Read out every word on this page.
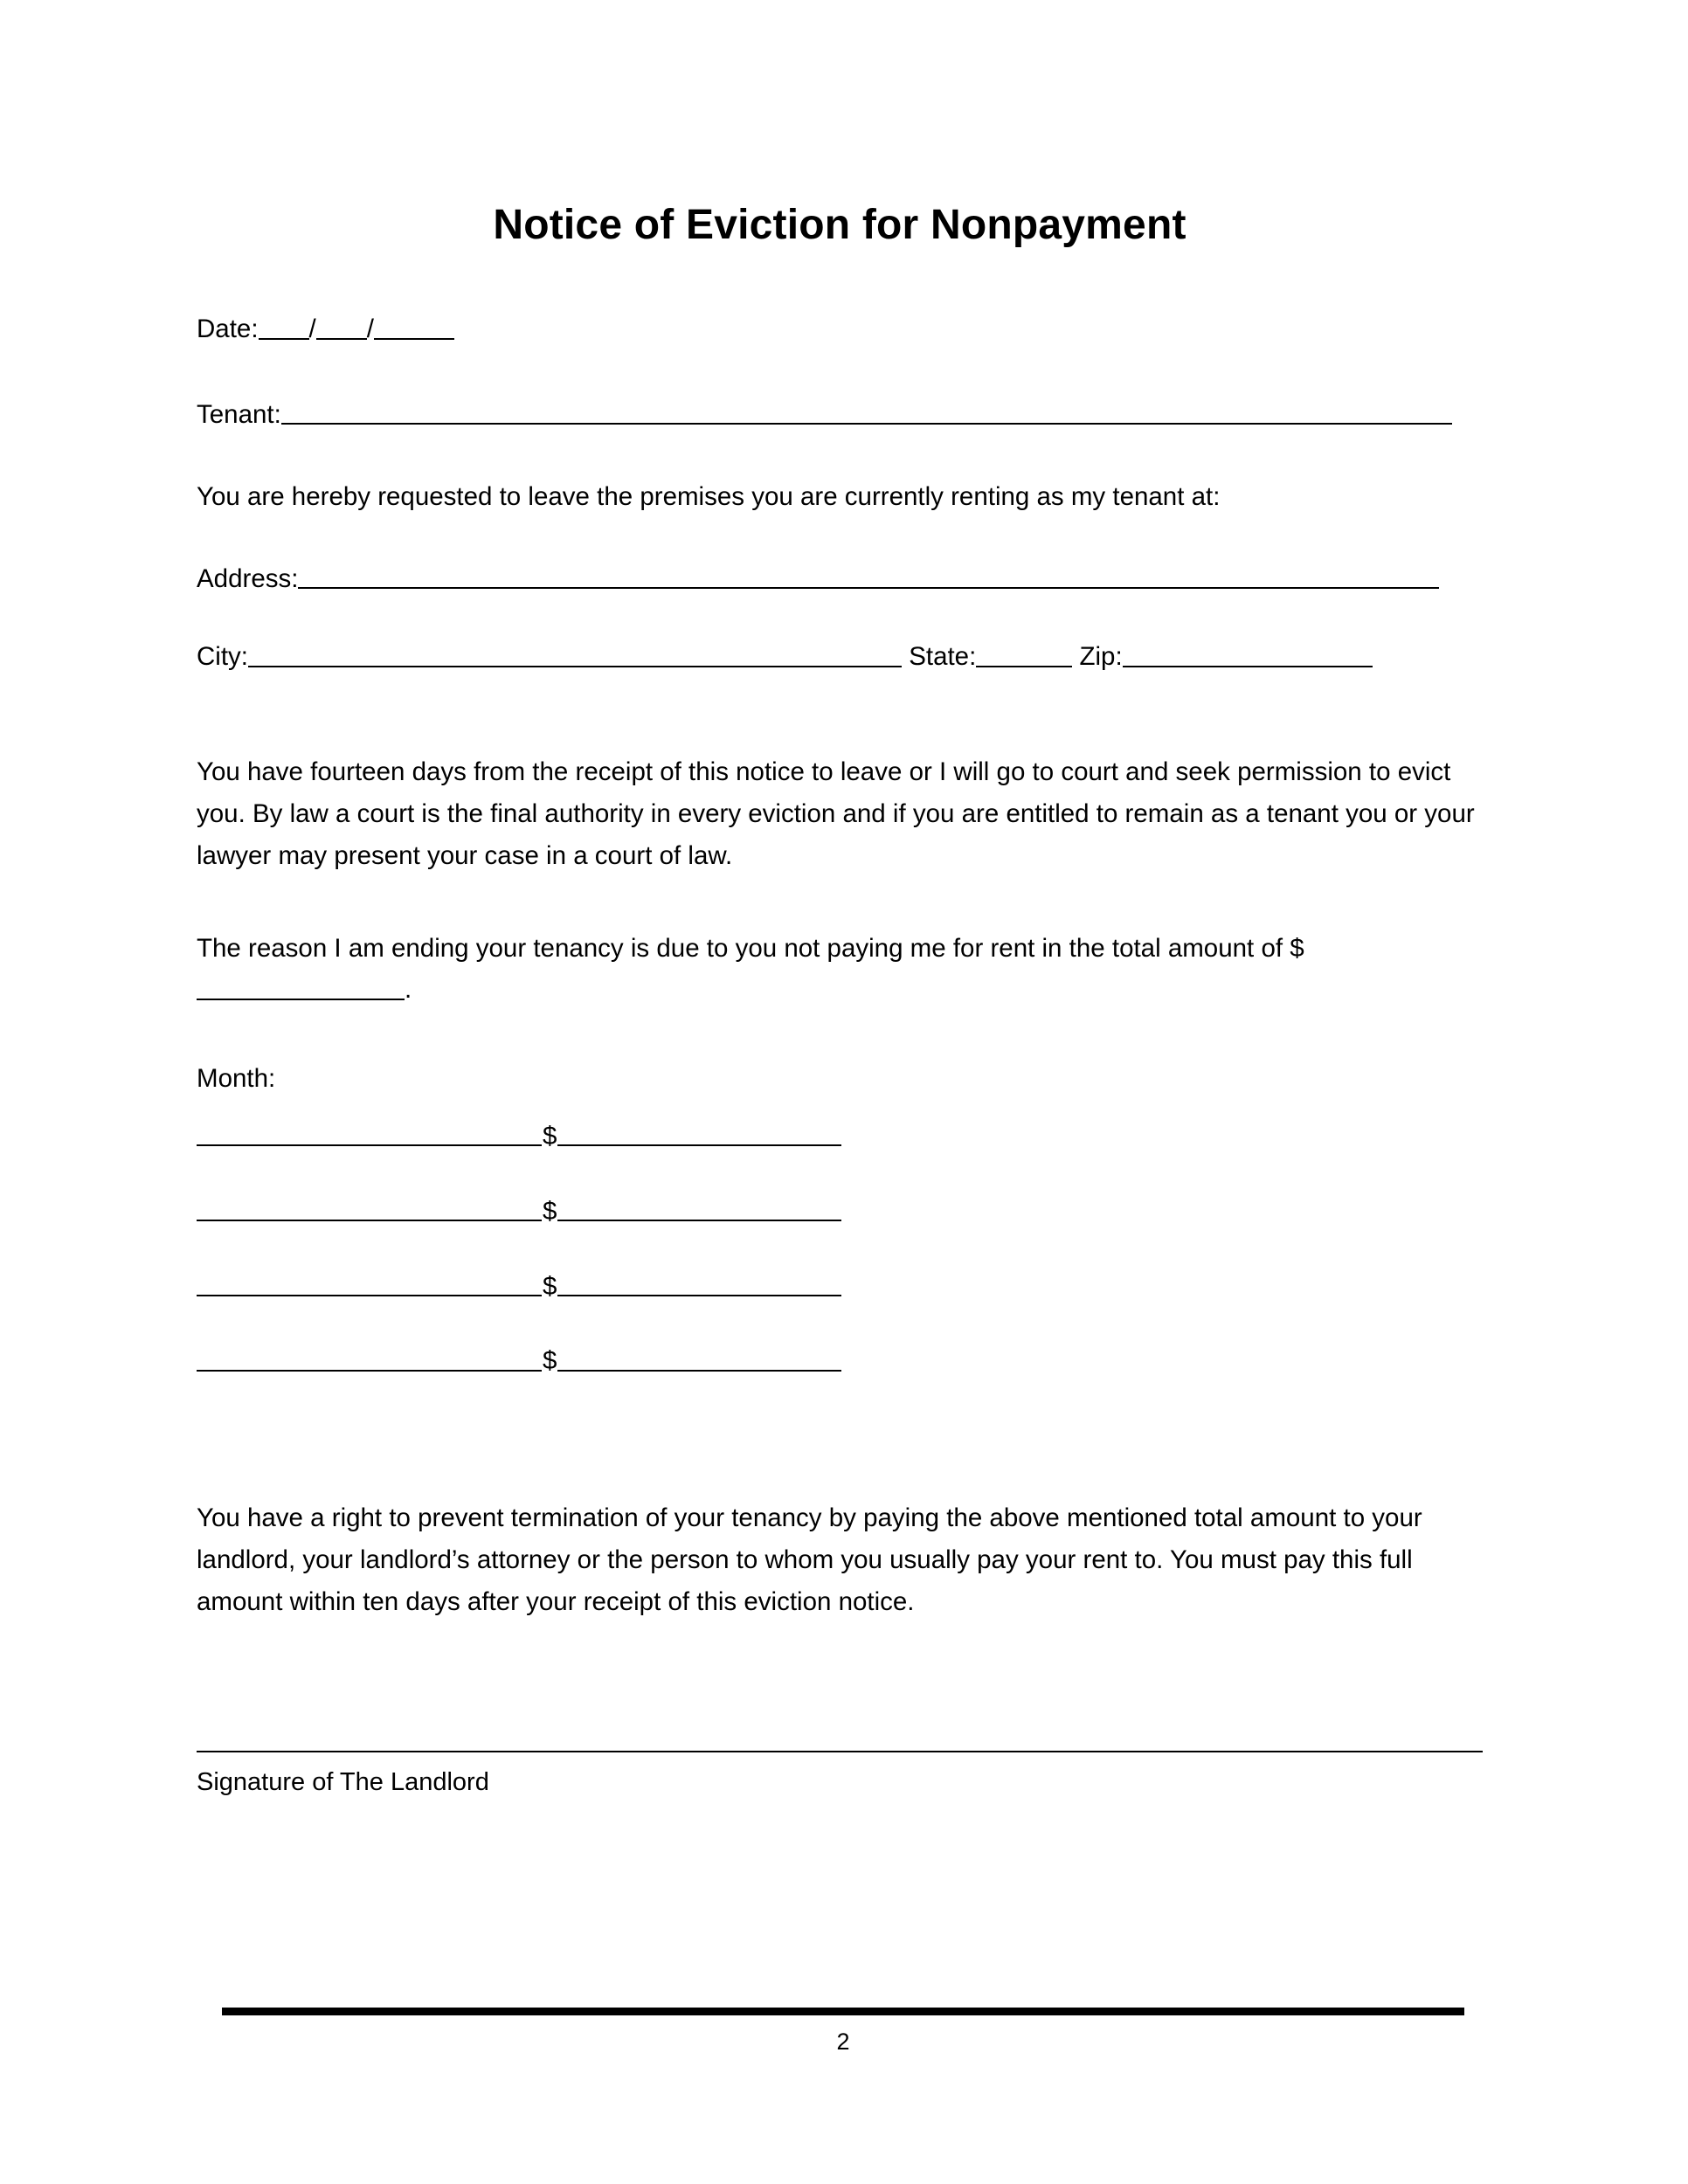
Notice of Eviction for Nonpayment

Date: / /

Tenant:

You are hereby requested to leave the premises you are currently renting as my tenant at:

Address:

City:	State:	Zip:

You have fourteen days from the receipt of this notice to leave or I will go to court and seek permission to evict you. By law a court is the final authority in every eviction and if you are entitled to remain as a tenant you or your lawyer may present your case in a court of law.

The reason I am ending your tenancy is due to you not paying me for rent in the total amount of $.

Month:

$

$

$

$

You have a right to prevent termination of your tenancy by paying the above mentioned total amount to your landlord, your landlord’s attorney or the person to whom you usually pay your rent to. You must pay this full amount within ten days after your receipt of this eviction notice.

Signature of The Landlord

2
